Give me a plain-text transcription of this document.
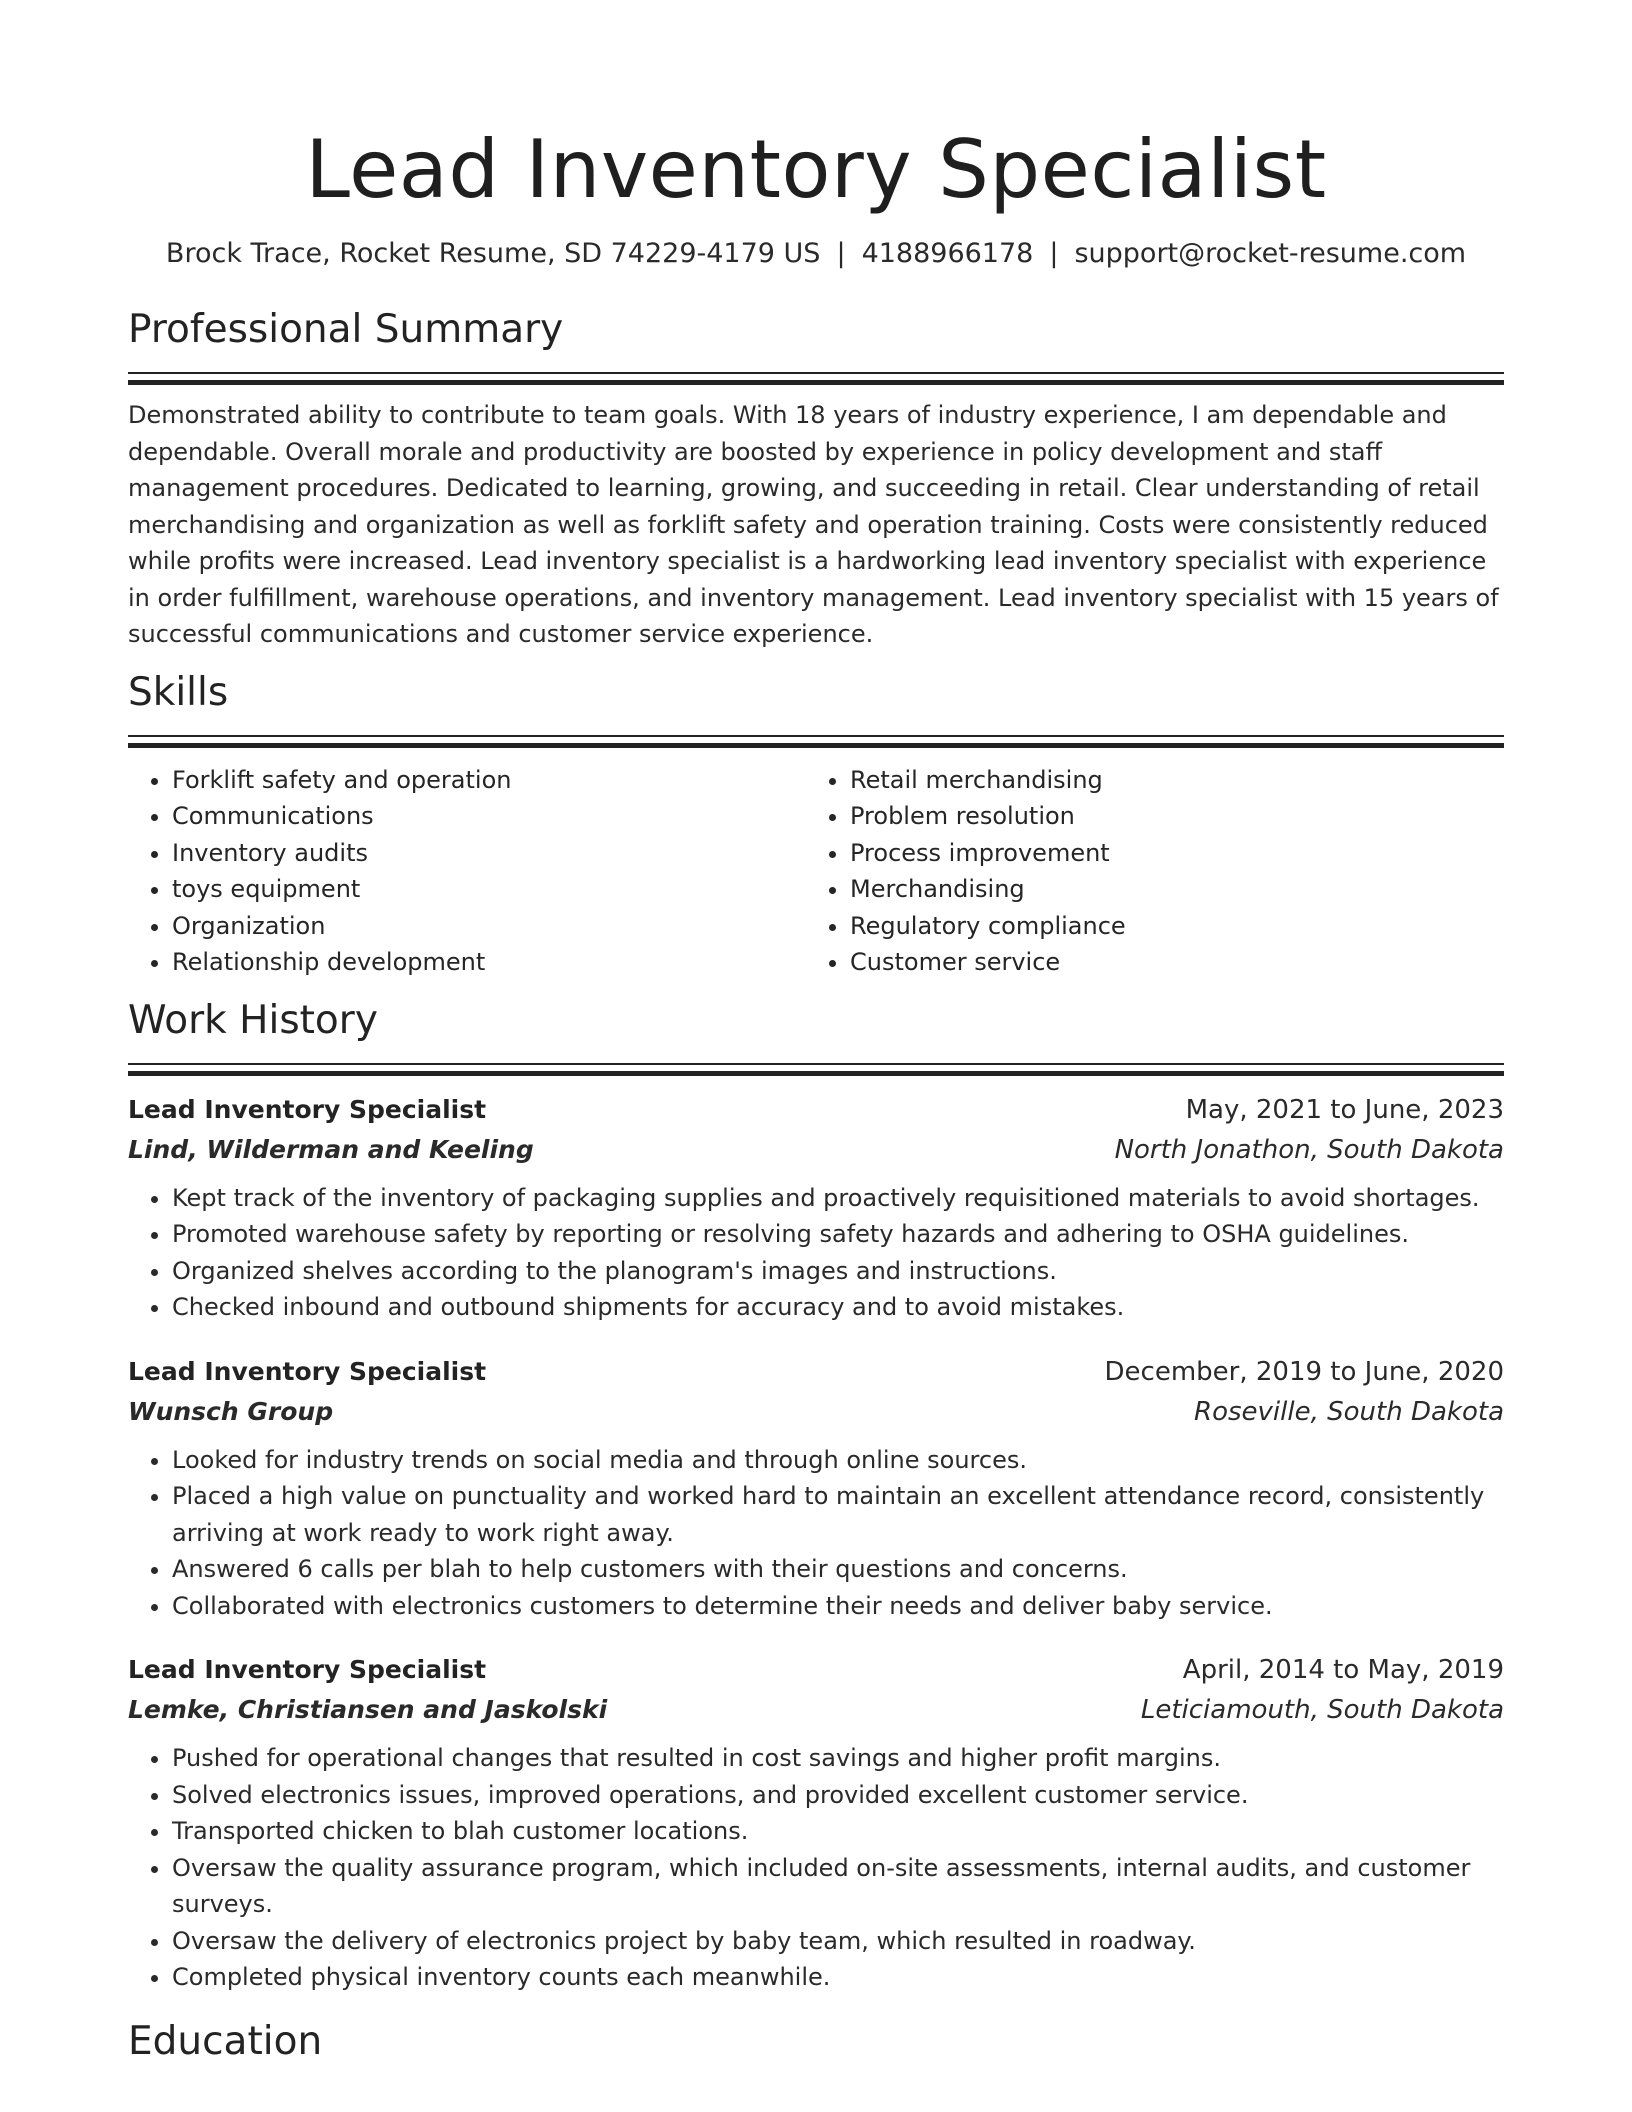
Lead Inventory Specialist
Brock Trace, Rocket Resume, SD 74229-4179 US | 4188966178 | support@rocket-resume.com
Professional Summary

Demonstrated ability to contribute to team goals. With 18 years of industry experience, I am dependable and dependable. Overall morale and productivity are boosted by experience in policy development and staff management procedures. Dedicated to learning, growing, and succeeding in retail. Clear understanding of retail merchandising and organization as well as forklift safety and operation training. Costs were consistently reduced while profits were increased. Lead inventory specialist is a hardworking lead inventory specialist with experience in order fulfillment, warehouse operations, and inventory management. Lead inventory specialist with 15 years of successful communications and customer service experience.

Skills
• Forklift safety and operation
• Communications
• Inventory audits
• toys equipment
• Organization
• Relationship development
• Retail merchandising
• Problem resolution
• Process improvement
• Merchandising
• Regulatory compliance
• Customer service
Work History
Lead Inventory Specialist	May, 2021 to June, 2023
Lind, Wilderman and Keeling	North Jonathon, South Dakota
• Kept track of the inventory of packaging supplies and proactively requisitioned materials to avoid shortages.
• Promoted warehouse safety by reporting or resolving safety hazards and adhering to OSHA guidelines.
• Organized shelves according to the planogram's images and instructions.
• Checked inbound and outbound shipments for accuracy and to avoid mistakes.
Lead Inventory Specialist	December, 2019 to June, 2020
Wunsch Group	Roseville, South Dakota
• Looked for industry trends on social media and through online sources.
• Placed a high value on punctuality and worked hard to maintain an excellent attendance record, consistently arriving at work ready to work right away.
• Answered 6 calls per blah to help customers with their questions and concerns.
• Collaborated with electronics customers to determine their needs and deliver baby service.
Lead Inventory Specialist	April, 2014 to May, 2019
Lemke, Christiansen and Jaskolski	Leticiamouth, South Dakota
• Pushed for operational changes that resulted in cost savings and higher profit margins.
• Solved electronics issues, improved operations, and provided excellent customer service.
• Transported chicken to blah customer locations.
• Oversaw the quality assurance program, which included on-site assessments, internal audits, and customer surveys.
• Oversaw the delivery of electronics project by baby team, which resulted in roadway.
• Completed physical inventory counts each meanwhile.
Education
